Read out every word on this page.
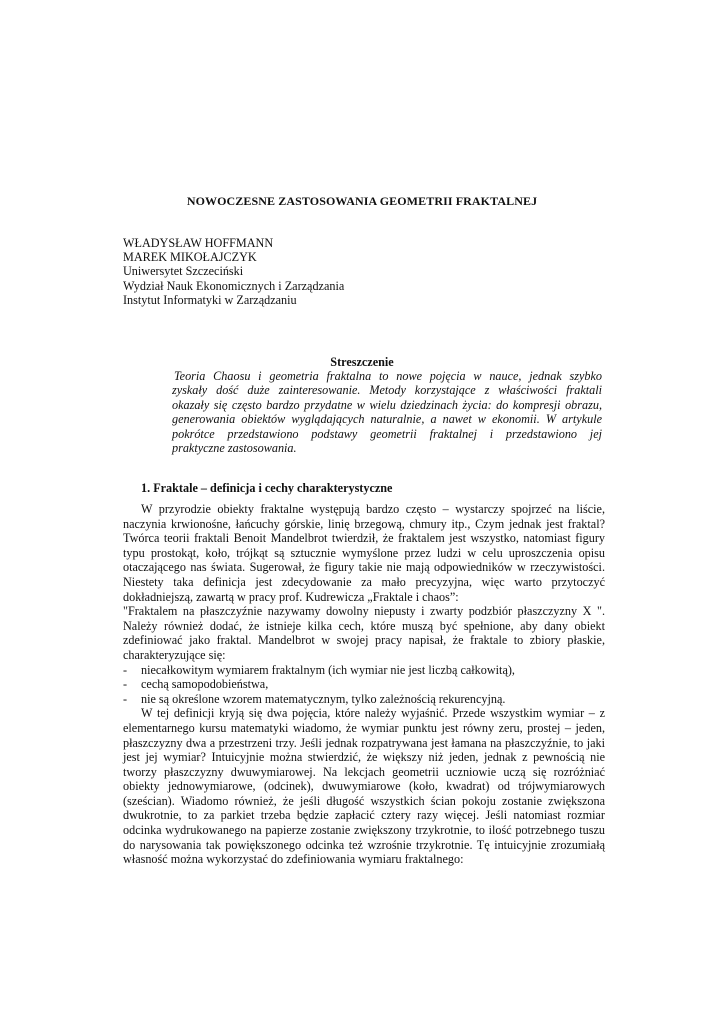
NOWOCZESNE ZASTOSOWANIA GEOMETRII FRAKTALNEJ
WŁADYSŁAW HOFFMANN
MAREK MIKOŁAJCZYK
Uniwersytet Szczeciński
Wydział Nauk Ekonomicznych i Zarządzania
Instytut Informatyki w Zarządzaniu
Streszczenie
Teoria Chaosu i geometria fraktalna to nowe pojęcia w nauce, jednak szybko
zyskały dość duże zainteresowanie. Metody korzystające z właściwości fraktali
okazały się często bardzo przydatne w wielu dziedzinach życia: do kompresji obrazu,
generowania obiektów wyglądających naturalnie, a nawet w ekonomii. W artykule
pokrótce przedstawiono podstawy geometrii fraktalnej i przedstawiono jej
praktyczne zastosowania.
1. Fraktale – definicja i cechy charakterystyczne
W przyrodzie obiekty fraktalne występują bardzo często – wystarczy spojrzeć na liście,
naczynia krwionośne, łańcuchy górskie, linię brzegową, chmury itp., Czym jednak jest fraktal?
Twórca teorii fraktali Benoit Mandelbrot twierdził, że fraktalem jest wszystko, natomiast figury
typu prostokąt, koło, trójkąt są sztucznie wymyślone przez ludzi w celu uproszczenia opisu
otaczającego nas świata. Sugerował, że figury takie nie mają odpowiedników w rzeczywistości.
Niestety taka definicja jest zdecydowanie za mało precyzyjna, więc warto przytoczyć
dokładniejszą, zawartą w pracy prof. Kudrewicza „Fraktale i chaos”:
"Fraktalem na płaszczyźnie nazywamy dowolny niepusty i zwarty podzbiór płaszczyzny X ".
Należy również dodać, że istnieje kilka cech, które muszą być spełnione, aby dany obiekt
zdefiniować jako fraktal. Mandelbrot w swojej pracy napisał, że fraktale to zbiory płaskie,
charakteryzujące się:
- niecałkowitym wymiarem fraktalnym (ich wymiar nie jest liczbą całkowitą),
- cechą samopodobieństwa,
- nie są określone wzorem matematycznym, tylko zależnością rekurencyjną.
W tej definicji kryją się dwa pojęcia, które należy wyjaśnić. Przede wszystkim wymiar – z
elementarnego kursu matematyki wiadomo, że wymiar punktu jest równy zeru, prostej – jeden,
płaszczyzny dwa a przestrzeni trzy. Jeśli jednak rozpatrywana jest łamana na płaszczyźnie, to jaki
jest jej wymiar? Intuicyjnie można stwierdzić, że większy niż jeden, jednak z pewnością nie
tworzy płaszczyzny dwuwymiarowej. Na lekcjach geometrii uczniowie uczą się rozróżniać
obiekty jednowymiarowe, (odcinek), dwuwymiarowe (koło, kwadrat) od trójwymiarowych
(sześcian). Wiadomo również, że jeśli długość wszystkich ścian pokoju zostanie zwiększona
dwukrotnie, to za parkiet trzeba będzie zapłacić cztery razy więcej. Jeśli natomiast rozmiar
odcinka wydrukowanego na papierze zostanie zwiększony trzykrotnie, to ilość potrzebnego tuszu
do narysowania tak powiększonego odcinka też wzrośnie trzykrotnie. Tę intuicyjnie zrozumiałą
własność można wykorzystać do zdefiniowania wymiaru fraktalnego:
